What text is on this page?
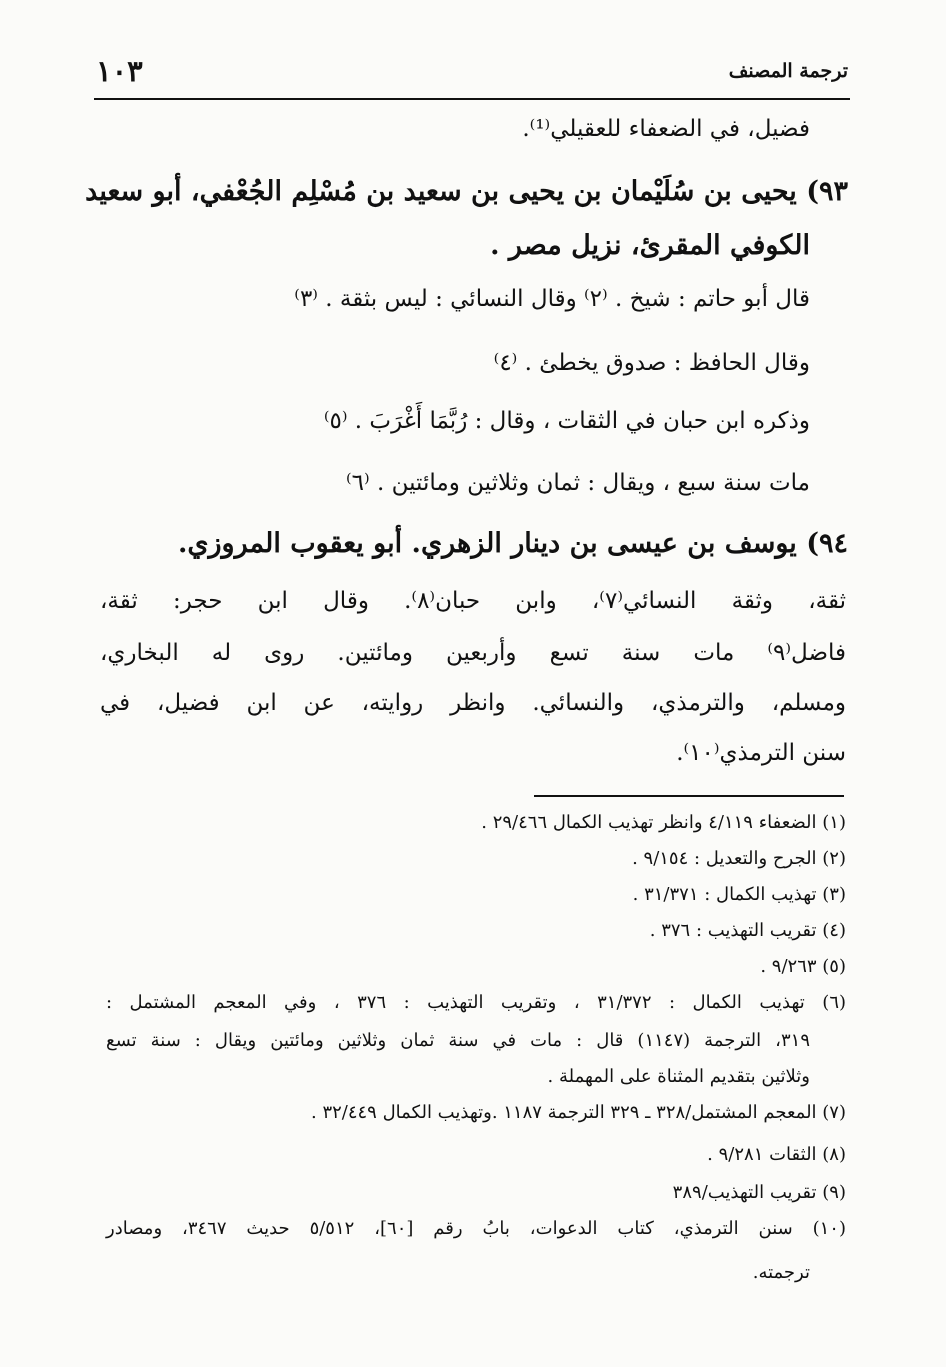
ترجمة المصنف
١٠٣
فضيل، في الضعفاء للعقيلي⁽¹⁾.
٩٣) يحيى بن سُلَيْمان بن يحيى بن سعيد بن مُسْلِم الجُعْفي، أبو سعيد
الكوفي المقرئ، نزيل مصر .
قال أبو حاتم : شيخ . ⁽٢⁾ وقال النسائي : ليس بثقة . ⁽٣⁾
وقال الحافظ : صدوق يخطئ . ⁽٤⁾
وذكره ابن حبان في الثقات ، وقال : رُبَّمَا أَغْرَبَ . ⁽٥⁾
مات سنة سبع ، ويقال : ثمان وثلاثين ومائتين . ⁽٦⁾
٩٤) يوسف بن عيسى بن دينار الزهري. أبو يعقوب المروزي.
ثقة، وثقة النسائي⁽٧⁾، وابن حبان⁽٨⁾. وقال ابن حجر: ثقة،
فاضل⁽٩⁾ مات سنة تسع وأربعين ومائتين. روى له البخاري،
ومسلم، والترمذي، والنسائي. وانظر روايته، عن ابن فضيل، في
سنن الترمذي⁽١٠⁾.
(١) الضعفاء ٤/١١٩ وانظر تهذيب الكمال ٢٩/٤٦٦ .
(٢) الجرح والتعديل : ٩/١٥٤ .
(٣) تهذيب الكمال : ٣١/٣٧١ .
(٤) تقريب التهذيب : ٣٧٦ .
(٥) ٩/٢٦٣ .
(٦) تهذيب الكمال : ٣١/٣٧٢ ، وتقريب التهذيب : ٣٧٦ ، وفي المعجم المشتمل :
٣١٩، الترجمة (١١٤٧) قال : مات في سنة ثمان وثلاثين ومائتين ويقال : سنة تسع
وثلاثين بتقديم المثناة على المهملة .
(٧) المعجم المشتمل/٣٢٨ ـ ٣٢٩ الترجمة ١١٨٧ .وتهذيب الكمال ٣٢/٤٤٩ .
(٨) الثقات ٩/٢٨١ .
(٩) تقريب التهذيب/٣٨٩
(١٠) سنن الترمذي، كتاب الدعوات، بابُ رقم [٦٠]، ٥/٥١٢ حديث ٣٤٦٧، ومصادر
ترجمته.
